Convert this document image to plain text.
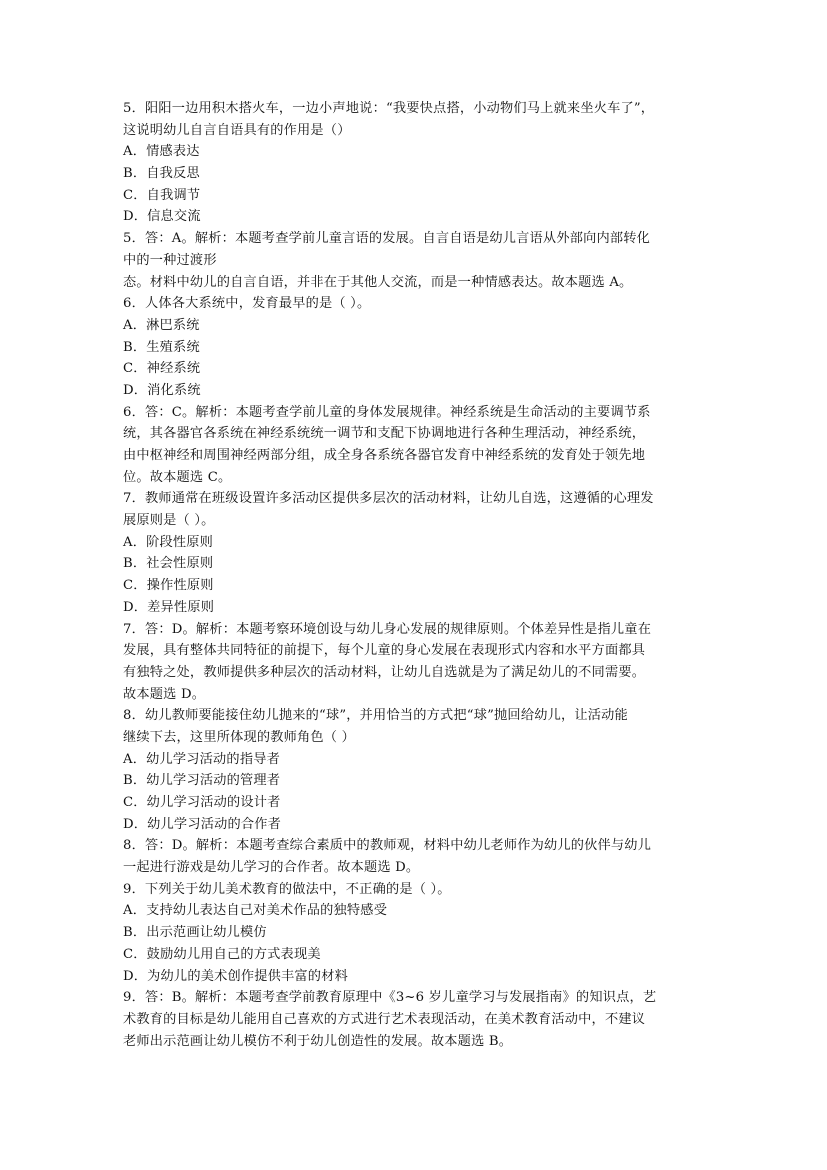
5．阳阳一边用积木搭火车，一边小声地说：“我要快点搭，小动物们马上就来坐火车了”，
这说明幼儿自言自语具有的作用是（）
A．情感表达
B．自我反思
C．自我调节
D．信息交流
5．答：A。解析：本题考查学前儿童言语的发展。自言自语是幼儿言语从外部向内部转化
中的一种过渡形
态。材料中幼儿的自言自语，并非在于其他人交流，而是一种情感表达。故本题选 A。
6．人体各大系统中，发育最早的是（ ）。
A．淋巴系统
B．生殖系统
C．神经系统
D．消化系统
6．答：C。解析：本题考查学前儿童的身体发展规律。神经系统是生命活动的主要调节系
统，其各器官各系统在神经系统统一调节和支配下协调地进行各种生理活动，神经系统，
由中枢神经和周围神经两部分组，成全身各系统各器官发育中神经系统的发育处于领先地
位。故本题选 C。
7．教师通常在班级设置许多活动区提供多层次的活动材料，让幼儿自选，这遵循的心理发
展原则是（ ）。
A．阶段性原则
B．社会性原则
C．操作性原则
D．差异性原则
7．答：D。解析：本题考察环境创设与幼儿身心发展的规律原则。个体差异性是指儿童在
发展，具有整体共同特征的前提下，每个儿童的身心发展在表现形式内容和水平方面都具
有独特之处，教师提供多种层次的活动材料，让幼儿自选就是为了满足幼儿的不同需要。
故本题选 D。
8．幼儿教师要能接住幼儿抛来的“球”，并用恰当的方式把“球”抛回给幼儿，让活动能
继续下去，这里所体现的教师角色（ ）
A．幼儿学习活动的指导者
B．幼儿学习活动的管理者
C．幼儿学习活动的设计者
D．幼儿学习活动的合作者
8．答：D。解析：本题考查综合素质中的教师观，材料中幼儿老师作为幼儿的伙伴与幼儿
一起进行游戏是幼儿学习的合作者。故本题选 D。
9．下列关于幼儿美术教育的做法中，不正确的是（ ）。
A．支持幼儿表达自己对美术作品的独特感受
B．出示范画让幼儿模仿
C．鼓励幼儿用自己的方式表现美
D．为幼儿的美术创作提供丰富的材料
9．答：B。解析：本题考查学前教育原理中《3~6 岁儿童学习与发展指南》的知识点，艺
术教育的目标是幼儿能用自己喜欢的方式进行艺术表现活动，在美术教育活动中，不建议
老师出示范画让幼儿模仿不利于幼儿创造性的发展。故本题选 B。
